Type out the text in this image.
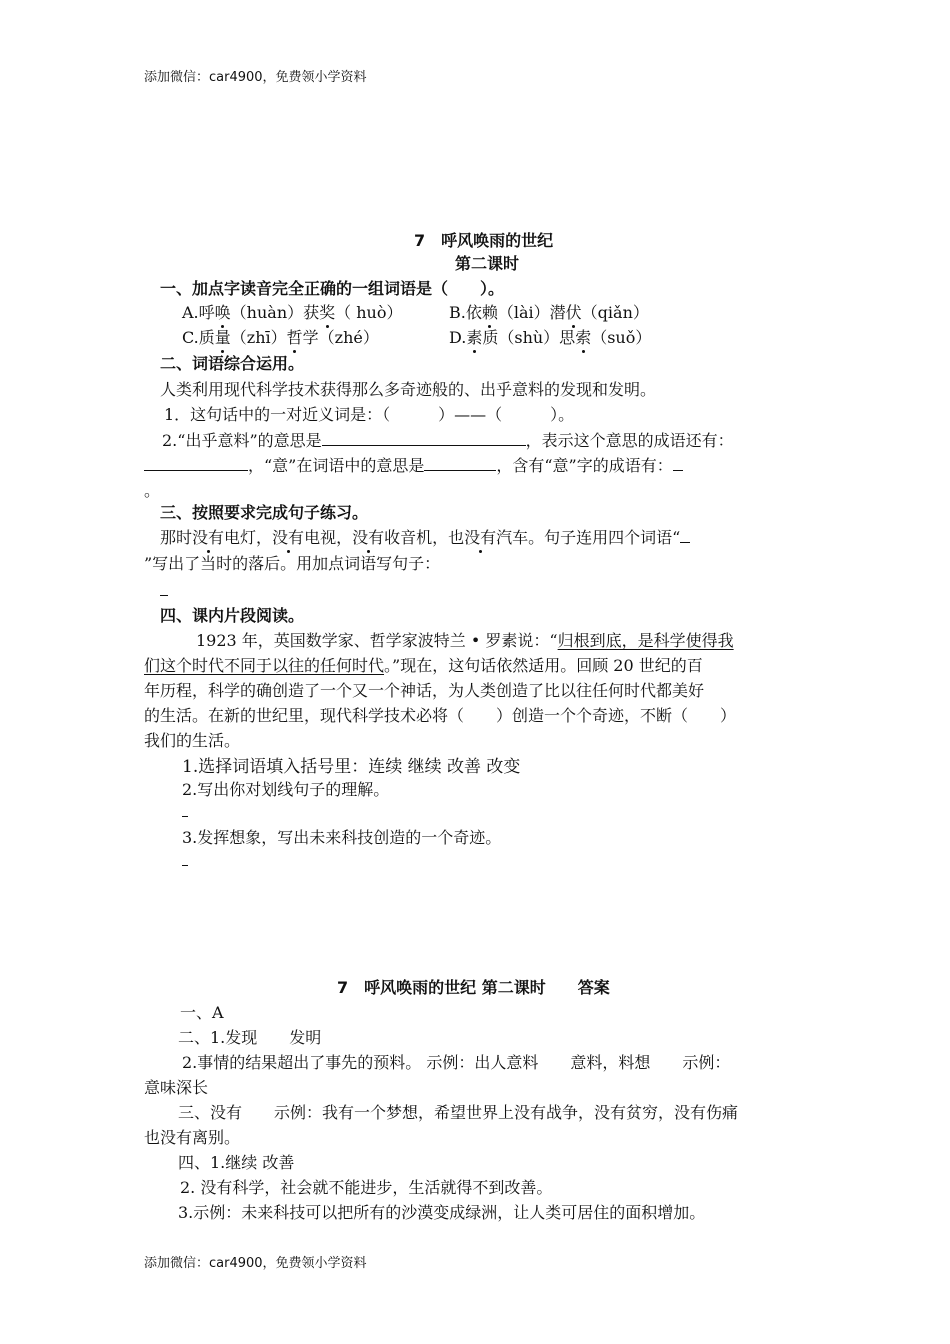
添加微信：car4900，免费领小学资料
7　呼风唤雨的世纪
第二课时
一、加点字读音完全正确的一组词语是（　　）。
A.呼唤（huàn）获奖（ huò）	B.依赖（lài）潜伏（qiǎn）
C.质量（zhī）哲学（zhé）	D.素质（shù）思索（suǒ）
二、词语综合运用。
人类利用现代科学技术获得那么多奇迹般的、出乎意料的发现和发明。
1．这句话中的一对近义词是：（　　　）——（　　　）。
2.“出乎意料”的意思是	，表示这个意思的成语还有：
，“意”在词语中的意思是	，含有“意”字的成语有：
。
三、按照要求完成句子练习。
那时没有电灯，没有电视，没有收音机，也没有汽车。句子连用四个词语“
”写出了当时的落后。用加点词语写句子：
四、课内片段阅读。
1923 年，英国数学家、哲学家波特兰 • 罗素说：“归根到底，是科学使得我
们这个时代不同于以往的任何时代。”现在，这句话依然适用。回顾 20 世纪的百
年历程，科学的确创造了一个又一个神话，为人类创造了比以往任何时代都美好
的生活。在新的世纪里，现代科学技术必将（　　）创造一个个奇迹，不断（　　）
我们的生活。
1.选择词语填入括号里：连续 继续 改善 改变
2.写出你对划线句子的理解。
3.发挥想象，写出未来科技创造的一个奇迹。
7　呼风唤雨的世纪 第二课时　　答案
一、A
二、1.发现　　发明
2.事情的结果超出了事先的预料。 示例：出人意料　　意料，料想　　示例：
意味深长
三、没有　　示例：我有一个梦想，希望世界上没有战争，没有贫穷，没有伤痛
也没有离别。
四、1.继续 改善
2. 没有科学，社会就不能进步，生活就得不到改善。
3.示例：未来科技可以把所有的沙漠变成绿洲，让人类可居住的面积增加。
添加微信：car4900，免费领小学资料
